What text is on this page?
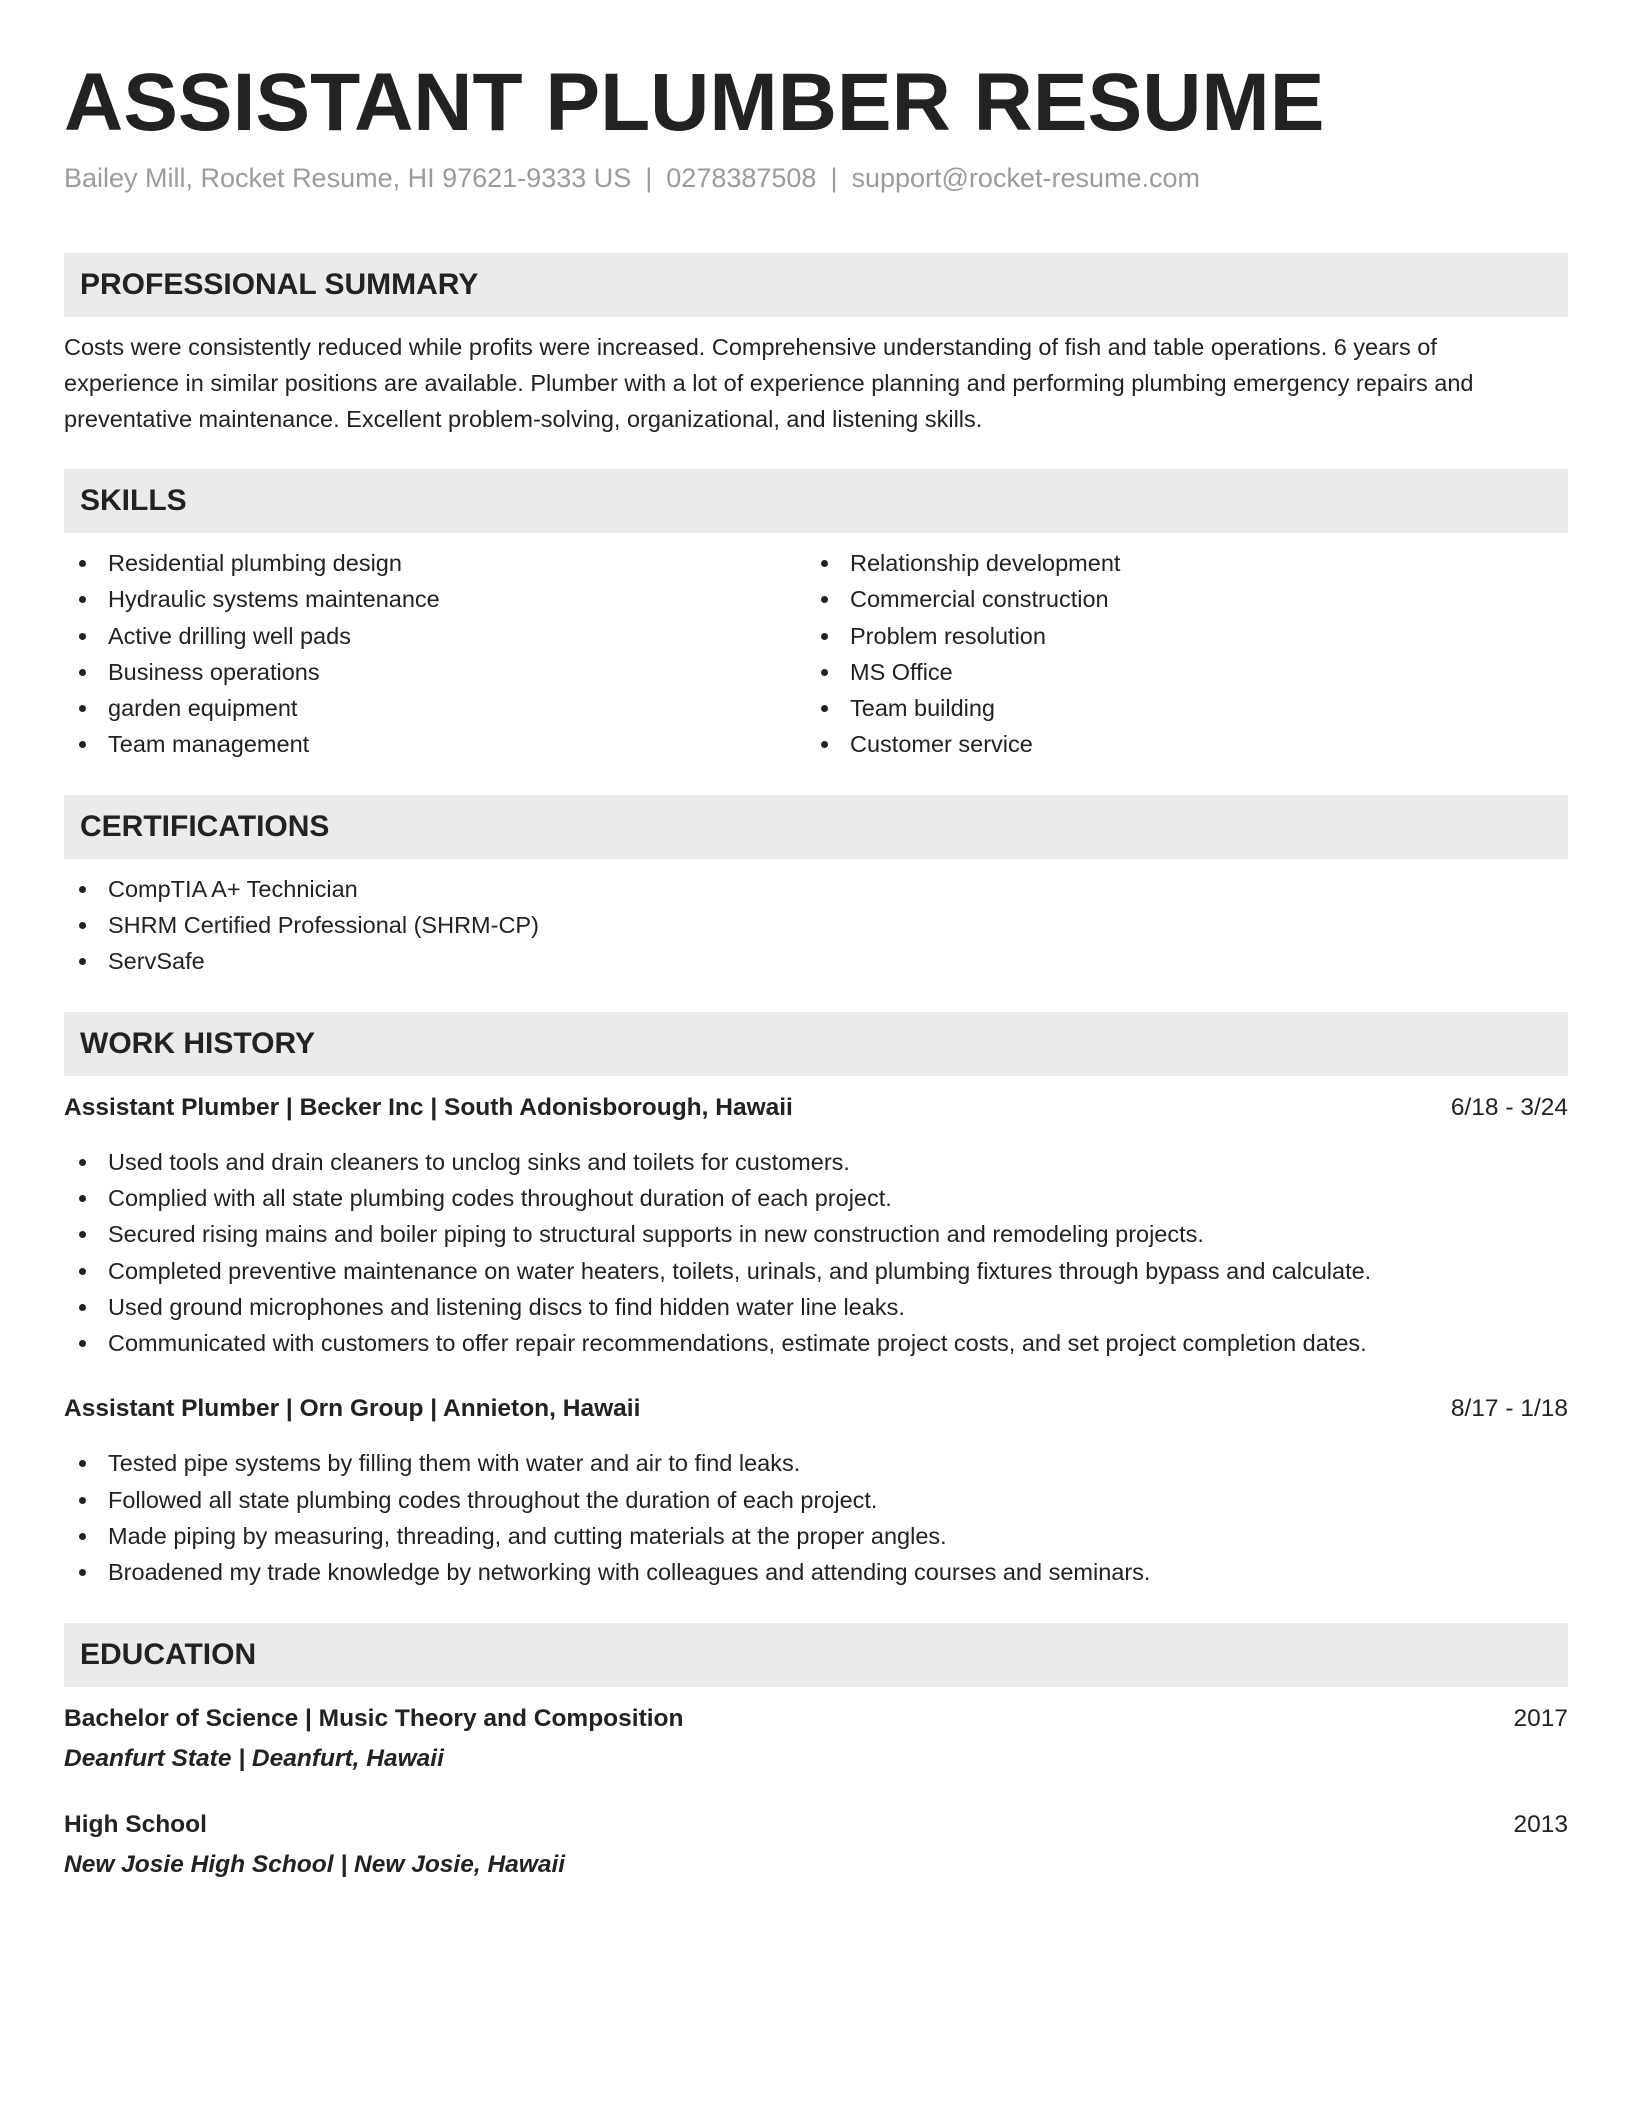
ASSISTANT PLUMBER RESUME
Bailey Mill, Rocket Resume, HI 97621-9333 US | 0278387508 | support@rocket-resume.com
PROFESSIONAL SUMMARY

Costs were consistently reduced while profits were increased. Comprehensive understanding of fish and table operations. 6 years of

experience in similar positions are available. Plumber with a lot of experience planning and performing plumbing emergency repairs and

preventative maintenance. Excellent problem-solving, organizational, and listening skills.

SKILLS
Residential plumbing design
Hydraulic systems maintenance
Active drilling well pads
Business operations
garden equipment
Team management
Relationship development
Commercial construction
Problem resolution
MS Office
Team building
Customer service
CERTIFICATIONS
CompTIA A+ Technician
SHRM Certified Professional (SHRM-CP)
ServSafe
WORK HISTORY
Assistant Plumber | Becker Inc | South Adonisborough, Hawaii	6/18 - 3/24
Used tools and drain cleaners to unclog sinks and toilets for customers.
Complied with all state plumbing codes throughout duration of each project.
Secured rising mains and boiler piping to structural supports in new construction and remodeling projects.
Completed preventive maintenance on water heaters, toilets, urinals, and plumbing fixtures through bypass and calculate.
Used ground microphones and listening discs to find hidden water line leaks.
Communicated with customers to offer repair recommendations, estimate project costs, and set project completion dates.
Assistant Plumber | Orn Group | Annieton, Hawaii	8/17 - 1/18
Tested pipe systems by filling them with water and air to find leaks.
Followed all state plumbing codes throughout the duration of each project.
Made piping by measuring, threading, and cutting materials at the proper angles.
Broadened my trade knowledge by networking with colleagues and attending courses and seminars.
EDUCATION
Bachelor of Science | Music Theory and Composition	2017
Deanfurt State | Deanfurt, Hawaii
High School	2013
New Josie High School | New Josie, Hawaii
